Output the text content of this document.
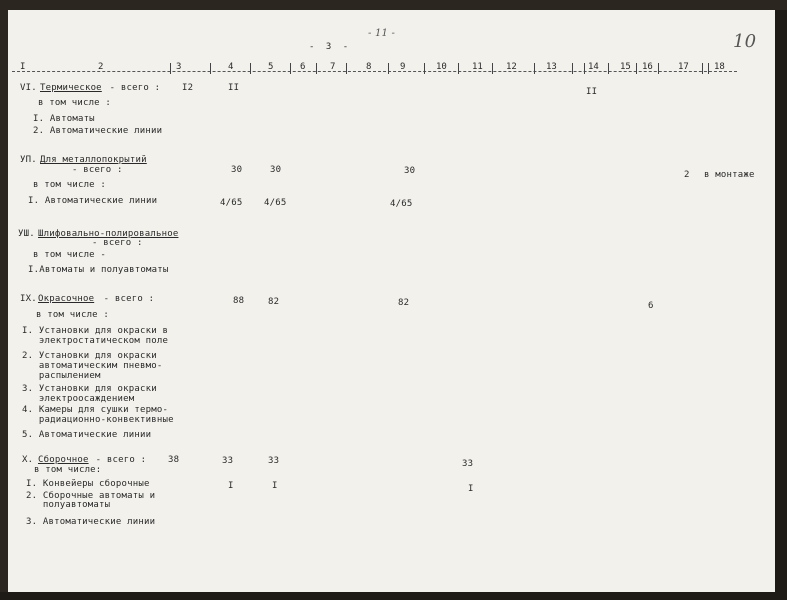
- 11 -
-  3  -	10
I	2	3	4	5	6	7	8	9	10	11	12	13	14 15 16	17	18
VI. Термическое - всего : I2	II	II
в том числе :
I. Автоматы
2. Автоматические линии
УП. Для металлопокрытий
- всего :	30	30	30	2 в монтаже
в том числе :
I. Автоматические линии	4/65 4/65	4/65
УШ. Шлифовально-полировальное
- всего :
в том числе -
I.Автоматы и полуавтоматы
IX. Окрасочное - всего :	88	82	82	6
в том числе :
I. Установки для окраски в
электростатическом поле
2. Установки для окраски
автоматическим пневмо-
распылением
3. Установки для окраски
электроосаждением
4. Камеры для сушки термо-
радиационно-конвективные
5. Автоматические линии
X. Сборочное - всего : 38	33	33	33
в том числе:
I. Конвейеры сборочные	I	I	I
2. Сборочные автоматы и
полуавтоматы
3. Автоматические линии
